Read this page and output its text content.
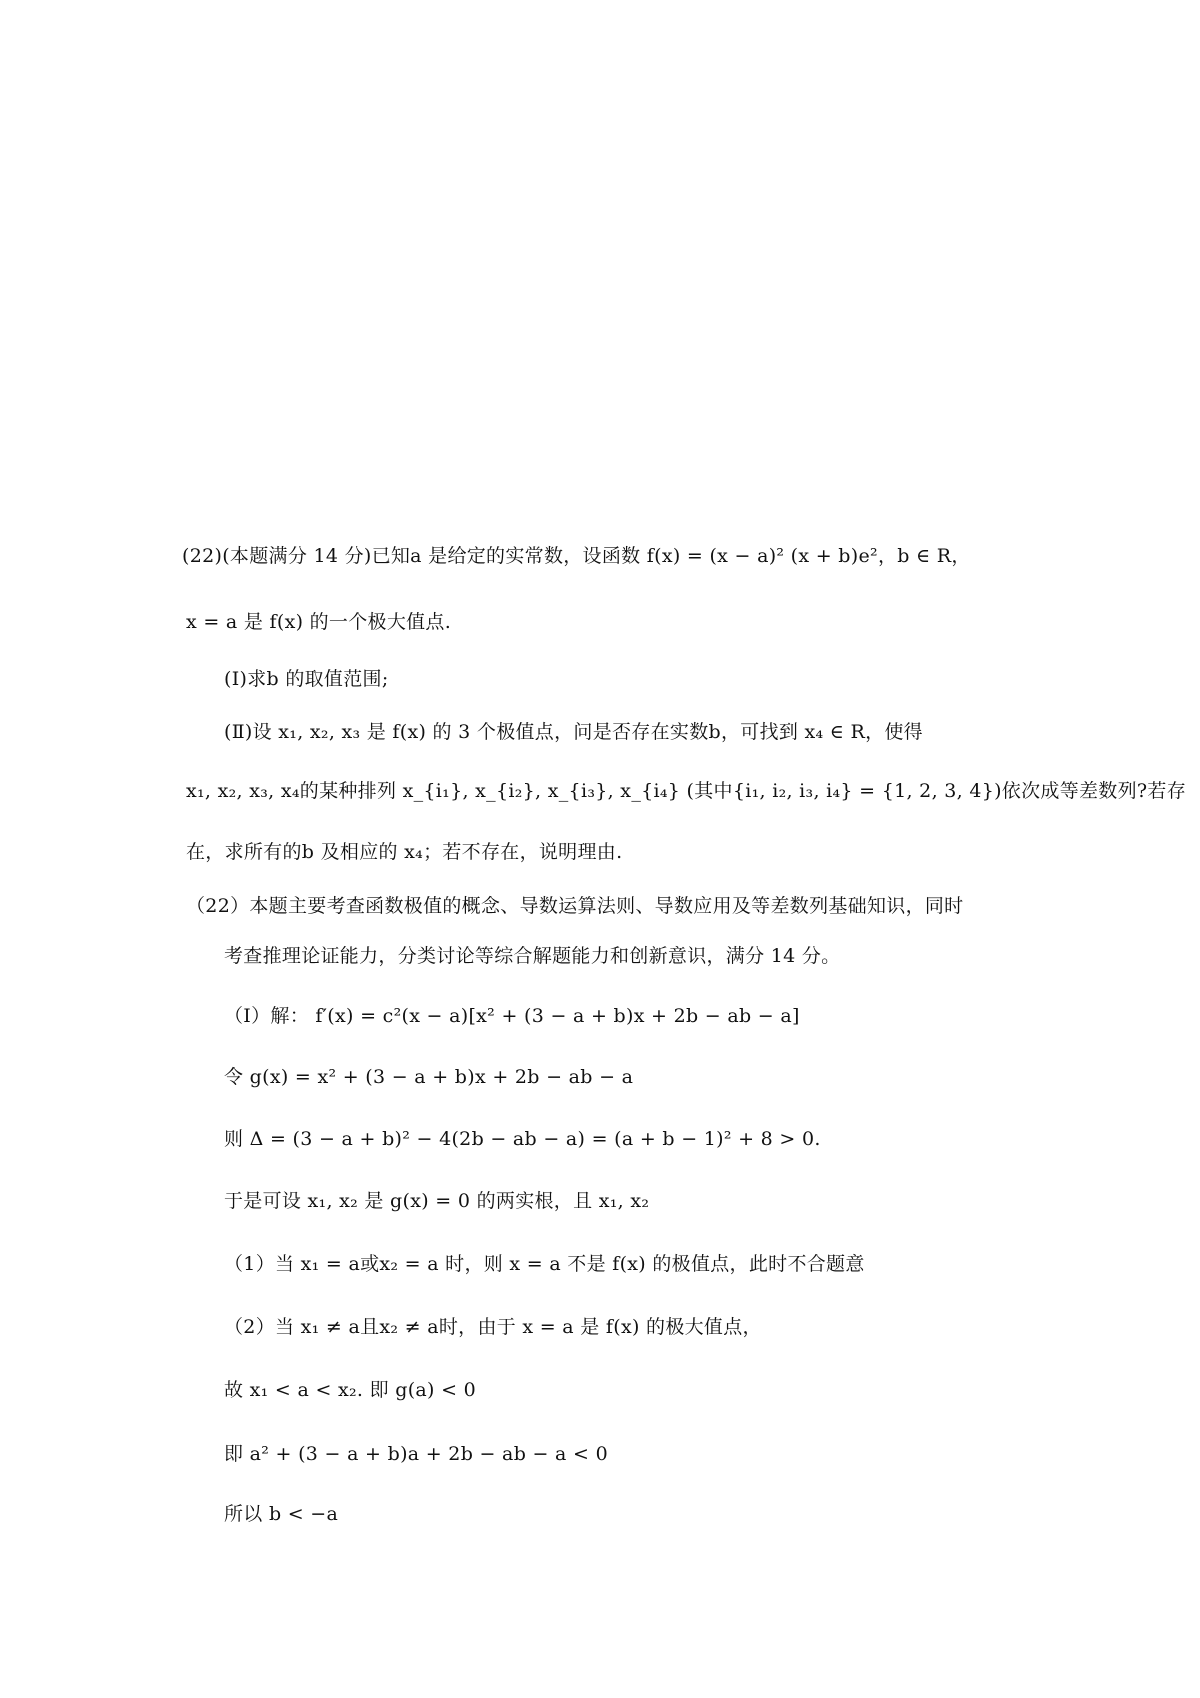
(22)(本题满分 14 分)已知a 是给定的实常数，设函数 f(x) = (x − a)² (x + b)e²，b ∈ R，
x = a 是 f(x) 的一个极大值点.
(Ⅰ)求b 的取值范围;
(Ⅱ)设 x₁, x₂, x₃ 是 f(x) 的 3 个极值点，问是否存在实数b，可找到 x₄ ∈ R，使得
x₁, x₂, x₃, x₄的某种排列 x_{i₁}, x_{i₂}, x_{i₃}, x_{i₄} (其中{i₁, i₂, i₃, i₄} = {1, 2, 3, 4})依次成等差数列?若存
在，求所有的b 及相应的 x₄；若不存在，说明理由.
（22）本题主要考查函数极值的概念、导数运算法则、导数应用及等差数列基础知识，同时
考查推理论证能力，分类讨论等综合解题能力和创新意识，满分 14 分。
（Ⅰ）解： f′(x) = c²(x − a)[x² + (3 − a + b)x + 2b − ab − a]
令 g(x) = x² + (3 − a + b)x + 2b − ab − a
则 Δ = (3 − a + b)² − 4(2b − ab − a) = (a + b − 1)² + 8 > 0.
于是可设 x₁, x₂ 是 g(x) = 0 的两实根，且 x₁, x₂
（1）当 x₁ = a或x₂ = a 时，则 x = a 不是 f(x) 的极值点，此时不合题意
（2）当 x₁ ≠ a且x₂ ≠ a时，由于 x = a 是 f(x) 的极大值点，
故 x₁ < a < x₂. 即 g(a) < 0
即 a² + (3 − a + b)a + 2b − ab − a < 0
所以 b < −a
